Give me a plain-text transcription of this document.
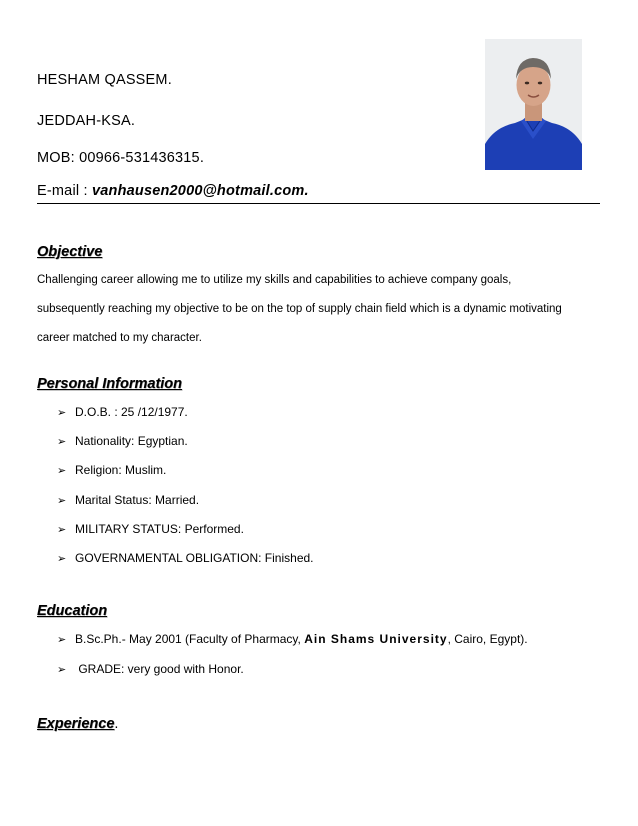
HESHAM QASSEM.
JEDDAH-KSA.
MOB: 00966-531436315.
E-mail : vanhausen2000@hotmail.com.
Objective
Challenging career allowing me to utilize my skills and capabilities to achieve company goals,
subsequently reaching my objective to be on the top of supply chain field which is a dynamic motivating
career matched to my character.
Personal Information
➢ D.O.B. : 25 /12/1977.
➢ Nationality: Egyptian.
➢ Religion: Muslim.
➢ Marital Status: Married.
➢ MILITARY STATUS: Performed.
➢ GOVERNAMENTAL OBLIGATION: Finished.
Education
➢ B.Sc.Ph.- May 2001 (Faculty of Pharmacy, Ain Shams University, Cairo, Egypt).
➢ GRADE: very good with Honor.
Experience.
